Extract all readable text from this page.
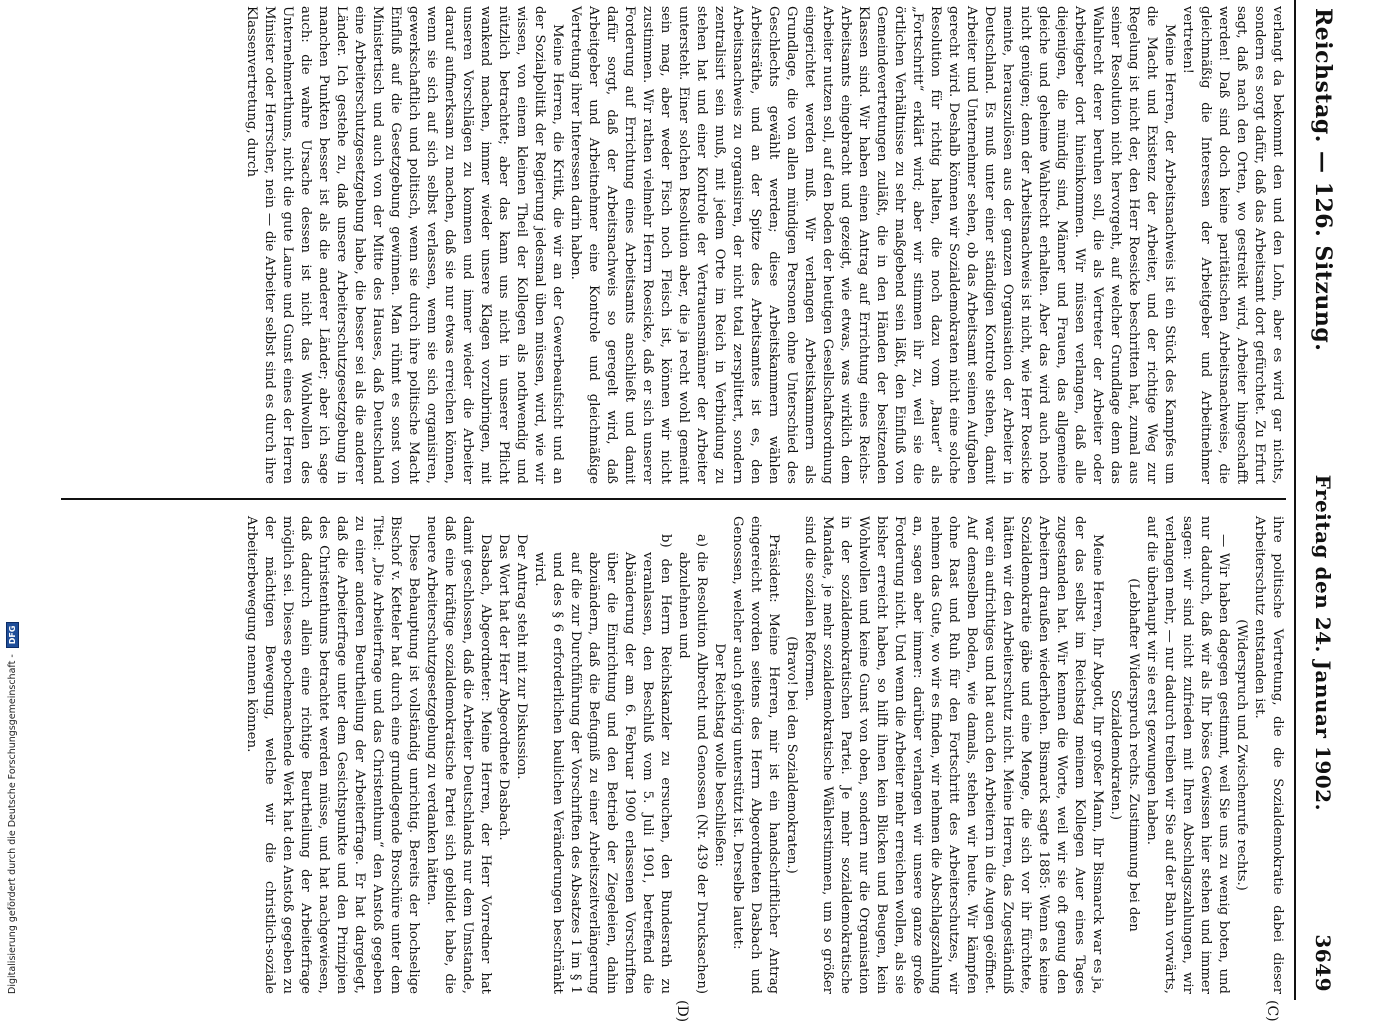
Digitalisierung gefördert durch die Deutsche Forschungsgemeinschaft -
DFG
Reichstag. — 126. Sitzung.
Freitag den 24. Januar 1902.
3649
(C)
(D)

verlangt da bekommt den und den Lohn, aber es wird gar nichts, sondern es sorgt dafür, daß das Arbeitsamt dort gefürchtet. Zu Erfurt sagt, daß nach den Orten, wo gestreikt wird, Arbeiter hingeschafft werden! Daß sind doch keine paritätischen Arbeitsnachweise, die gleichmäßig die Interessen der Arbeitgeber und Arbeitnehmer vertreten!

Meine Herren, der Arbeitsnachweis ist ein Stück des Kampfes um die Macht und Existenz der Arbeiter, und der richtige Weg zur Regelung ist nicht der, den Herr Roesicke beschritten hat, zumal aus seiner Resolution nicht hervorgeht, auf welcher Grundlage denn das Wahlrecht derer beruhen soll, die als Vertreter der Arbeiter oder Arbeitgeber dort hineinkommen. Wir müssen verlangen, daß alle diejenigen, die mündig sind, Männer und Frauen, das allgemeine gleiche und geheime Wahlrecht erhalten. Aber das wird auch noch nicht genügen; denn der Arbeitsnachweis ist nicht, wie Herr Roesicke meinte, herauszulösen aus der ganzen Organisation der Arbeiter in Deutschland. Es muß unter einer ständigen Kontrole stehen, damit Arbeiter und Unternehmer sehen, ob das Arbeitsamt seinen Aufgaben gerecht wird. Deshalb können wir Sozialdemokraten nicht eine solche Resolution für richtig halten, die noch dazu vom „Bauer“ als „Fortschritt“ erklärt wird; aber wir stimmen ihr zu, weil sie die örtlichen Verhältnisse zu sehr maßgebend sein läßt, den Einfluß von Gemeindevertretungen zuläßt, die in den Händen der besitzenden Klassen sind. Wir haben einen Antrag auf Errichtung eines Reichs-Arbeitsamts eingebracht und gezeigt, wie etwas, was wirklich dem Arbeiter nutzen soll, auf den Boden der heutigen Gesellschaftsordnung eingerichtet werden muß. Wir verlangen Arbeitskammern als Grundlage, die von allen mündigen Personen ohne Unterschied des Geschlechts gewählt werden; diese Arbeitskammern wählen Arbeitsräthe, und an der Spitze des Arbeitsamtes ist es, den Arbeitsnachweis zu organisiren, der nicht total zersplittert, sondern zentralisirt sein muß, mit jedem Orte im Reich in Verbindung zu stehen hat und einer Kontrole der Vertrauensmänner der Arbeiter untersteht. Einer solchen Resolution aber, die ja recht wohl gemeint sein mag, aber weder Fisch noch Fleisch ist, können wir nicht zustimmen. Wir rathen vielmehr Herrn Roesicke, daß er sich unserer Forderung auf Errichtung eines Arbeitsamts anschließt und damit dafür sorgt, daß der Arbeitsnachweis so geregelt wird, daß Arbeitgeber und Arbeitnehmer eine Kontrole und gleichmäßige Vertretung ihrer Interessen darin haben.

Meine Herren, die Kritik, die wir an der Gewerbeaufsicht und an der Sozialpolitik der Regierung jedesmal üben müssen, wird, wie wir wissen, von einem kleinen Theil der Kollegen als nothwendig und nützlich betrachtet; aber das kann uns nicht in unserer Pflicht wankend machen, immer wieder unsere Klagen vorzubringen, mit unseren Vorschlägen zu kommen und immer wieder die Arbeiter darauf aufmerksam zu machen, daß sie nur etwas erreichen können, wenn sie sich auf sich selbst verlassen, wenn sie sich organisiren, gewerkschaftlich und politisch, wenn sie durch ihre politische Macht Einfluß auf die Gesetzgebung gewinnen. Man rühmt es sonst von Ministertisch und auch von der Mitte des Hauses, daß Deutschland eine Arbeiterschutzgesetzgebung habe, die besser sei als die anderer Länder. Ich gestehe zu, daß unsere Arbeiterschutzgesetzgebung in manchen Punkten besser ist als die anderer Länder; aber ich sage auch: die wahre Ursache dessen ist nicht das Wohlwollen des Unternehmerthums, nicht die gute Laune und Gunst eines der Herren Minister oder Herrscher, nein — die Arbeiter selbst sind es durch ihre Klassenvertretung, durch

ihre politische Vertretung, die die Sozialdemokratie dabei dieser Arbeiterschutz entstanden ist.

(Widerspruch und Zwischenrufe rechts.)

— Wir haben dagegen gestimmt, weil Sie uns zu wenig boten, und nur dadurch, daß wir als Ihr böses Gewissen hier stehen und immer sagen: wir sind nicht zufrieden mit Ihren Abschlagszahlungen, wir verlangen mehr, — nur dadurch treiben wir Sie auf der Bahn vorwärts, auf die überhaupt wir sie erst gezwungen haben.

(Lebhafter Widerspruch rechts. Zustimmung bei den Sozialdemokraten.)

Meine Herren, Ihr Abgott, Ihr großer Mann, Ihr Bismarck war es ja, der das selbst im Reichstag meinem Kollegen Auer eines Tages zugestanden hat. Wir kennen die Worte, weil wir sie oft genug den Arbeitern draußen wiederholen. Bismarck sagte 1885: Wenn es keine Sozialdemokratie gäbe und eine Menge, die sich vor ihr fürchtete, hätten wir den Arbeiterschutz nicht. Meine Herren, das Zugeständniß war ein aufrichtiges und hat auch den Arbeitern in die Augen geöffnet. Auf demselben Boden, wie damals, stehen wir heute. Wir kämpfen ohne Rast und Ruh für den Fortschritt des Arbeiterschutzes, wir nehmen das Gute, wo wir es finden, wir nehmen die Abschlagszahlung an, sagen aber immer: darüber verlangen wir unsere ganze große Forderung nicht. Und wenn die Arbeiter mehr erreichen wollen, als sie bisher erreicht haben, so hilft ihnen kein Blicken und Beugen, kein Wohlwollen und keine Gunst von oben, sondern nur die Organisation in der sozialdemokratischen Partei. Je mehr sozialdemokratische Mandate, je mehr sozialdemokratische Wählerstimmen, um so größer sind die sozialen Reformen.

(Bravo! bei den Sozialdemokraten.)

Präsident: Meine Herren, mir ist ein handschriftlicher Antrag eingereicht worden seitens des Herrn Abgeordneten Dasbach und Genossen, welcher auch gehörig unterstützt ist. Derselbe lautet:

Der Reichstag wolle beschließen:

a) die Resolution Albrecht und Genossen (Nr. 439 der Drucksachen) abzulehnen und

b) den Herrn Reichskanzler zu ersuchen, den Bundesrath zu veranlassen, den Beschluß vom 5. Juli 1901, betreffend die Abänderung der am 6. Februar 1900 erlassenen Vorschriften über die Einrichtung und den Betrieb der Ziegeleien, dahin abzuändern, daß die Befugniß zu einer Arbeitszeitverlängerung auf die zur Durchführung der Vorschriften des Absatzes 1 im § 1 und des § 6 erforderlichen baulichen Veränderungen beschränkt wird.

Der Antrag steht mit zur Diskussion.

Das Wort hat der Herr Abgeordnete Dasbach.

Dasbach, Abgeordneter: Meine Herren, der Herr Vorredner hat damit geschlossen, daß die Arbeiter Deutschlands nur dem Umstande, daß eine kräftige sozialdemokratische Partei sich gebildet habe, die neuere Arbeiterschutzgesetzgebung zu verdanken hätten.

Diese Behauptung ist vollständig unrichtig. Bereits der hochselige Bischof v. Ketteler hat durch eine grundlegende Broschüre unter dem Titel: „Die Arbeiterfrage und das Christenthum“ den Anstoß gegeben zu einer anderen Beurtheilung der Arbeiterfrage. Er hat dargelegt, daß die Arbeiterfrage unter dem Gesichtspunkte und den Prinzipien des Christenthums betrachtet werden müsse, und hat nachgewiesen, daß dadurch allein eine richtige Beurtheilung der Arbeiterfrage möglich sei. Dieses epochemachende Werk hat den Anstoß gegeben zu der mächtigen Bewegung, welche wir die christlich-soziale Arbeiterbewegung nennen können.
